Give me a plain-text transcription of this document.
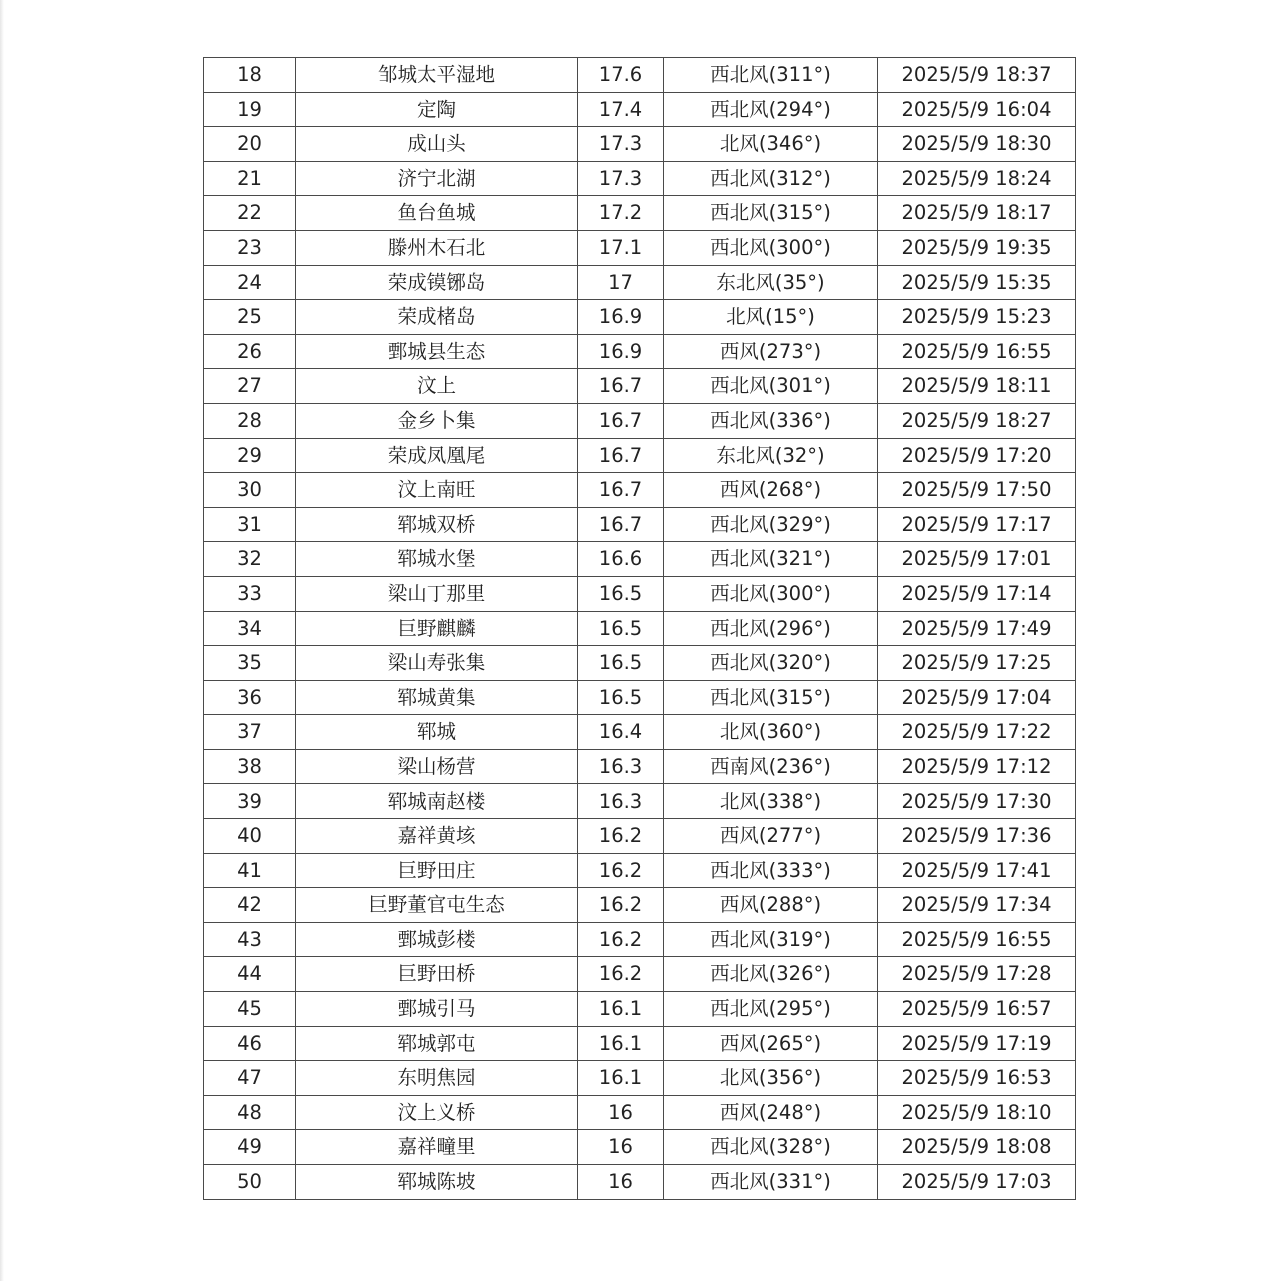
18	邹城太平湿地	17.6	西北风(311°)	2025/5/9 18:37
19	定陶	17.4	西北风(294°)	2025/5/9 16:04
20	成山头	17.3	北风(346°)	2025/5/9 18:30
21	济宁北湖	17.3	西北风(312°)	2025/5/9 18:24
22	鱼台鱼城	17.2	西北风(315°)	2025/5/9 18:17
23	滕州木石北	17.1	西北风(300°)	2025/5/9 19:35
24	荣成镆铘岛	17	东北风(35°)	2025/5/9 15:35
25	荣成楮岛	16.9	北风(15°)	2025/5/9 15:23
26	鄄城县生态	16.9	西风(273°)	2025/5/9 16:55
27	汶上	16.7	西北风(301°)	2025/5/9 18:11
28	金乡卜集	16.7	西北风(336°)	2025/5/9 18:27
29	荣成凤凰尾	16.7	东北风(32°)	2025/5/9 17:20
30	汶上南旺	16.7	西风(268°)	2025/5/9 17:50
31	郓城双桥	16.7	西北风(329°)	2025/5/9 17:17
32	郓城水堡	16.6	西北风(321°)	2025/5/9 17:01
33	梁山丁那里	16.5	西北风(300°)	2025/5/9 17:14
34	巨野麒麟	16.5	西北风(296°)	2025/5/9 17:49
35	梁山寿张集	16.5	西北风(320°)	2025/5/9 17:25
36	郓城黄集	16.5	西北风(315°)	2025/5/9 17:04
37	郓城	16.4	北风(360°)	2025/5/9 17:22
38	梁山杨营	16.3	西南风(236°)	2025/5/9 17:12
39	郓城南赵楼	16.3	北风(338°)	2025/5/9 17:30
40	嘉祥黄垓	16.2	西风(277°)	2025/5/9 17:36
41	巨野田庄	16.2	西北风(333°)	2025/5/9 17:41
42	巨野董官屯生态	16.2	西风(288°)	2025/5/9 17:34
43	鄄城彭楼	16.2	西北风(319°)	2025/5/9 16:55
44	巨野田桥	16.2	西北风(326°)	2025/5/9 17:28
45	鄄城引马	16.1	西北风(295°)	2025/5/9 16:57
46	郓城郭屯	16.1	西风(265°)	2025/5/9 17:19
47	东明焦园	16.1	北风(356°)	2025/5/9 16:53
48	汶上义桥	16	西风(248°)	2025/5/9 18:10
49	嘉祥疃里	16	西北风(328°)	2025/5/9 18:08
50	郓城陈坡	16	西北风(331°)	2025/5/9 17:03
